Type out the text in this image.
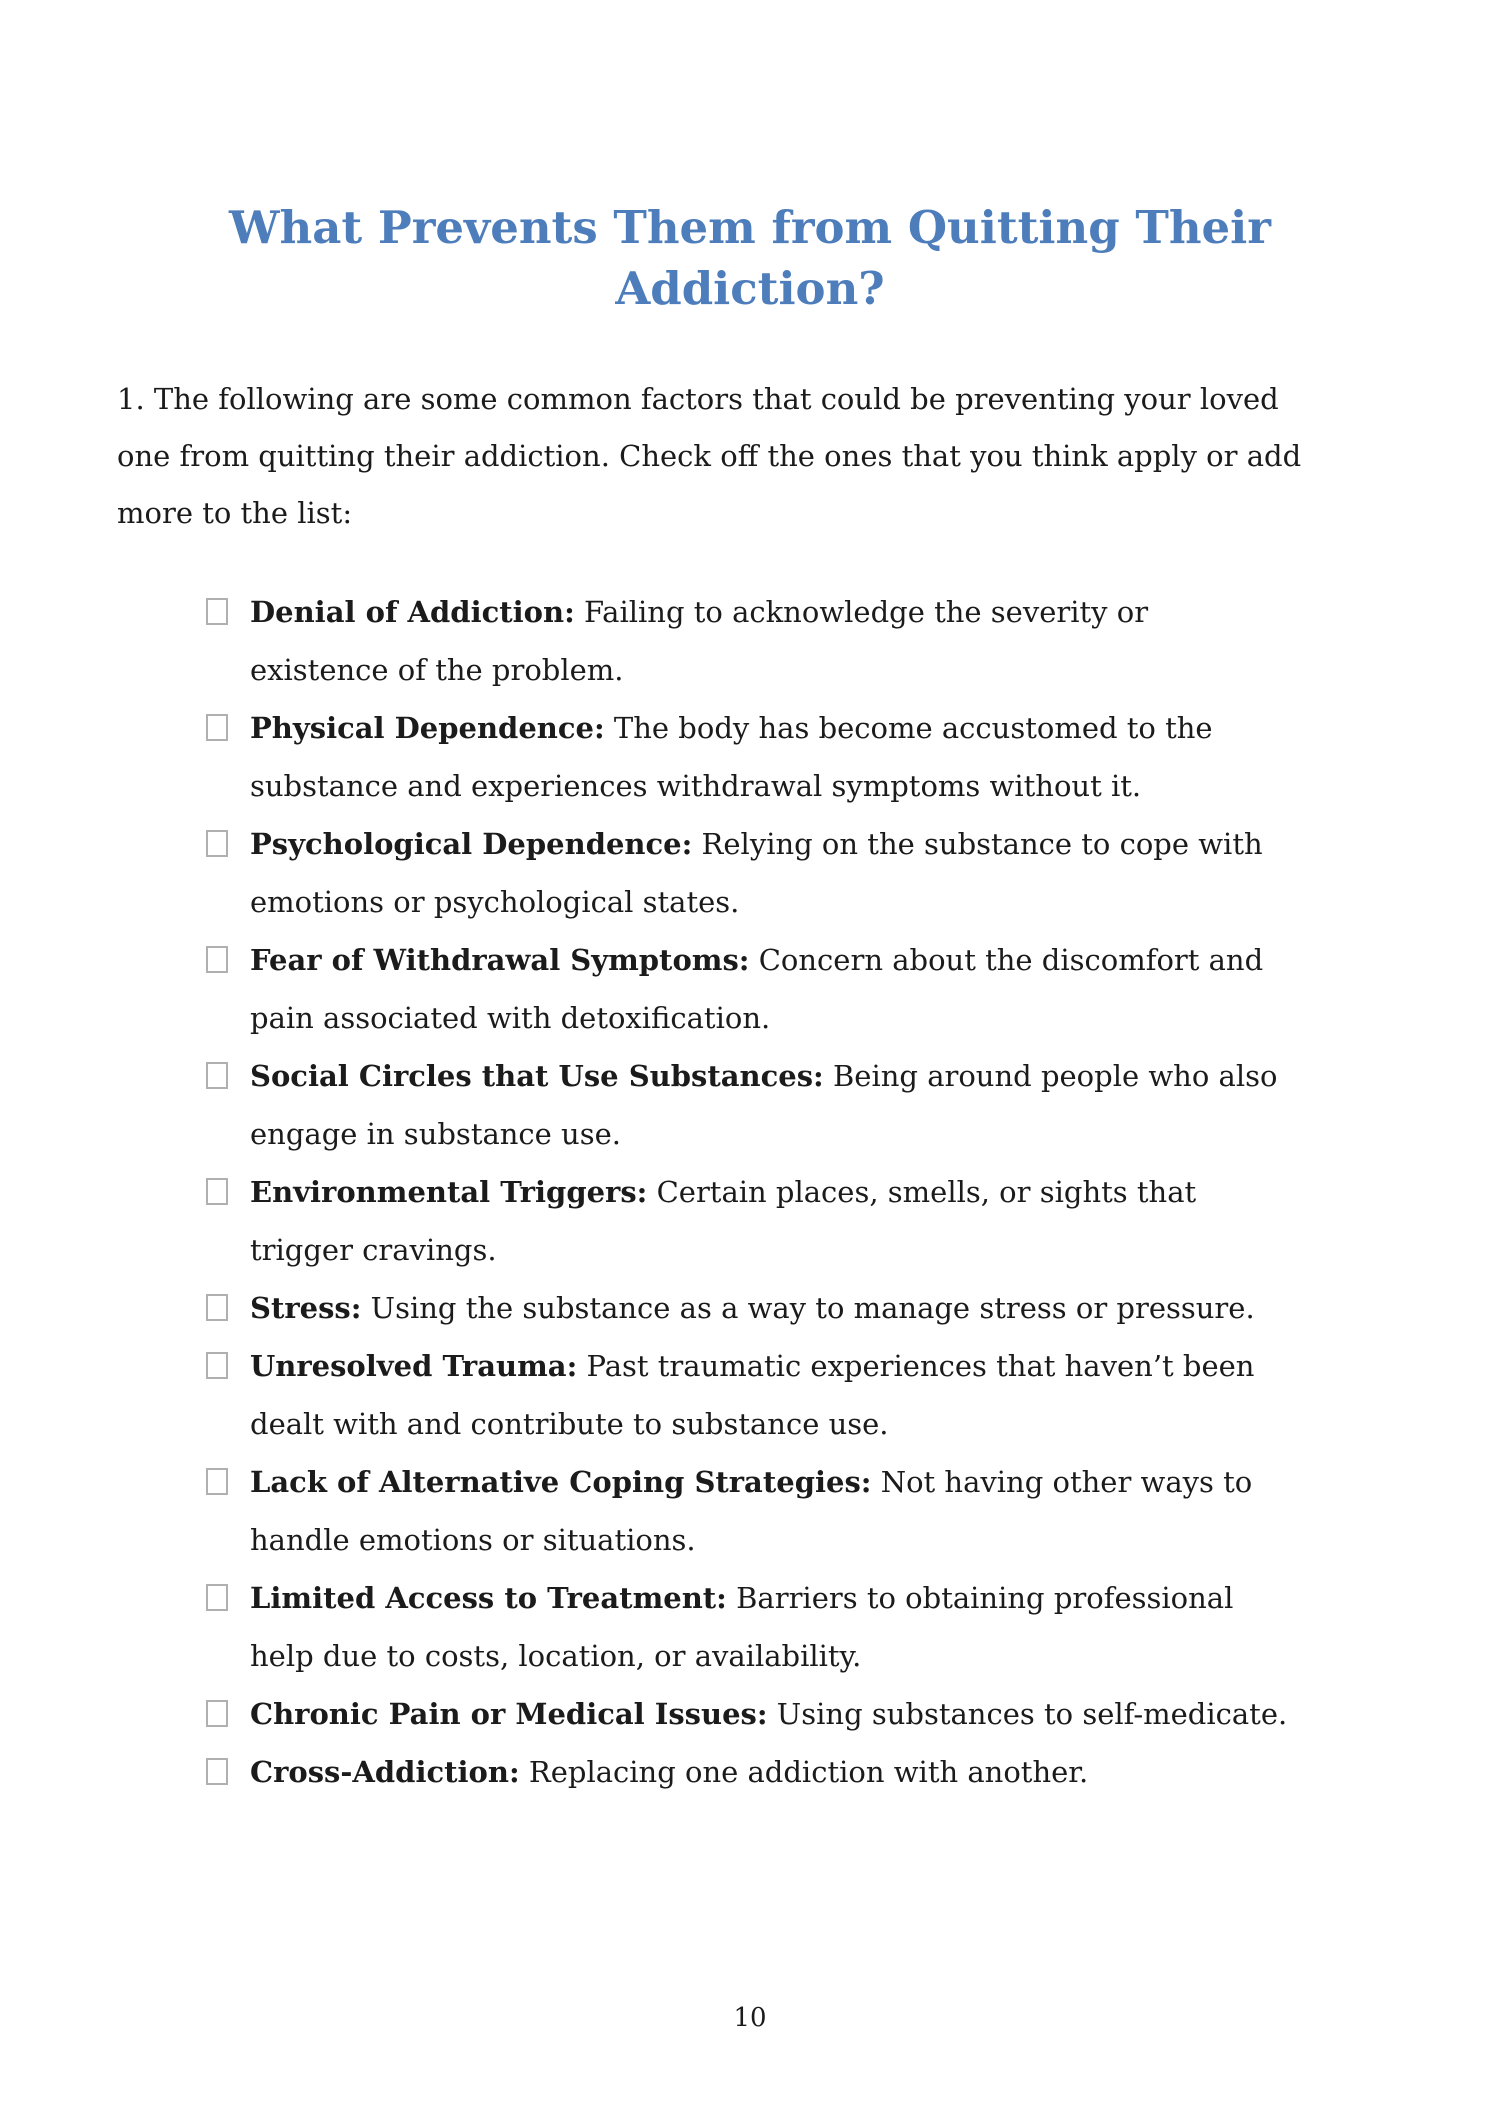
What Prevents Them from Quitting Their Addiction?

1. The following are some common factors that could be preventing your loved one from quitting their addiction. Check off the ones that you think apply or add more to the list:

Denial of Addiction: Failing to acknowledge the severity or existence of the problem.
Physical Dependence: The body has become accustomed to the substance and experiences withdrawal symptoms without it.
Psychological Dependence: Relying on the substance to cope with emotions or psychological states.
Fear of Withdrawal Symptoms: Concern about the discomfort and pain associated with detoxification.
Social Circles that Use Substances: Being around people who also engage in substance use.
Environmental Triggers: Certain places, smells, or sights that trigger cravings.
Stress: Using the substance as a way to manage stress or pressure.
Unresolved Trauma: Past traumatic experiences that haven’t been dealt with and contribute to substance use.
Lack of Alternative Coping Strategies: Not having other ways to handle emotions or situations.
Limited Access to Treatment: Barriers to obtaining professional help due to costs, location, or availability.
Chronic Pain or Medical Issues: Using substances to self-medicate.
Cross-Addiction: Replacing one addiction with another.
10
